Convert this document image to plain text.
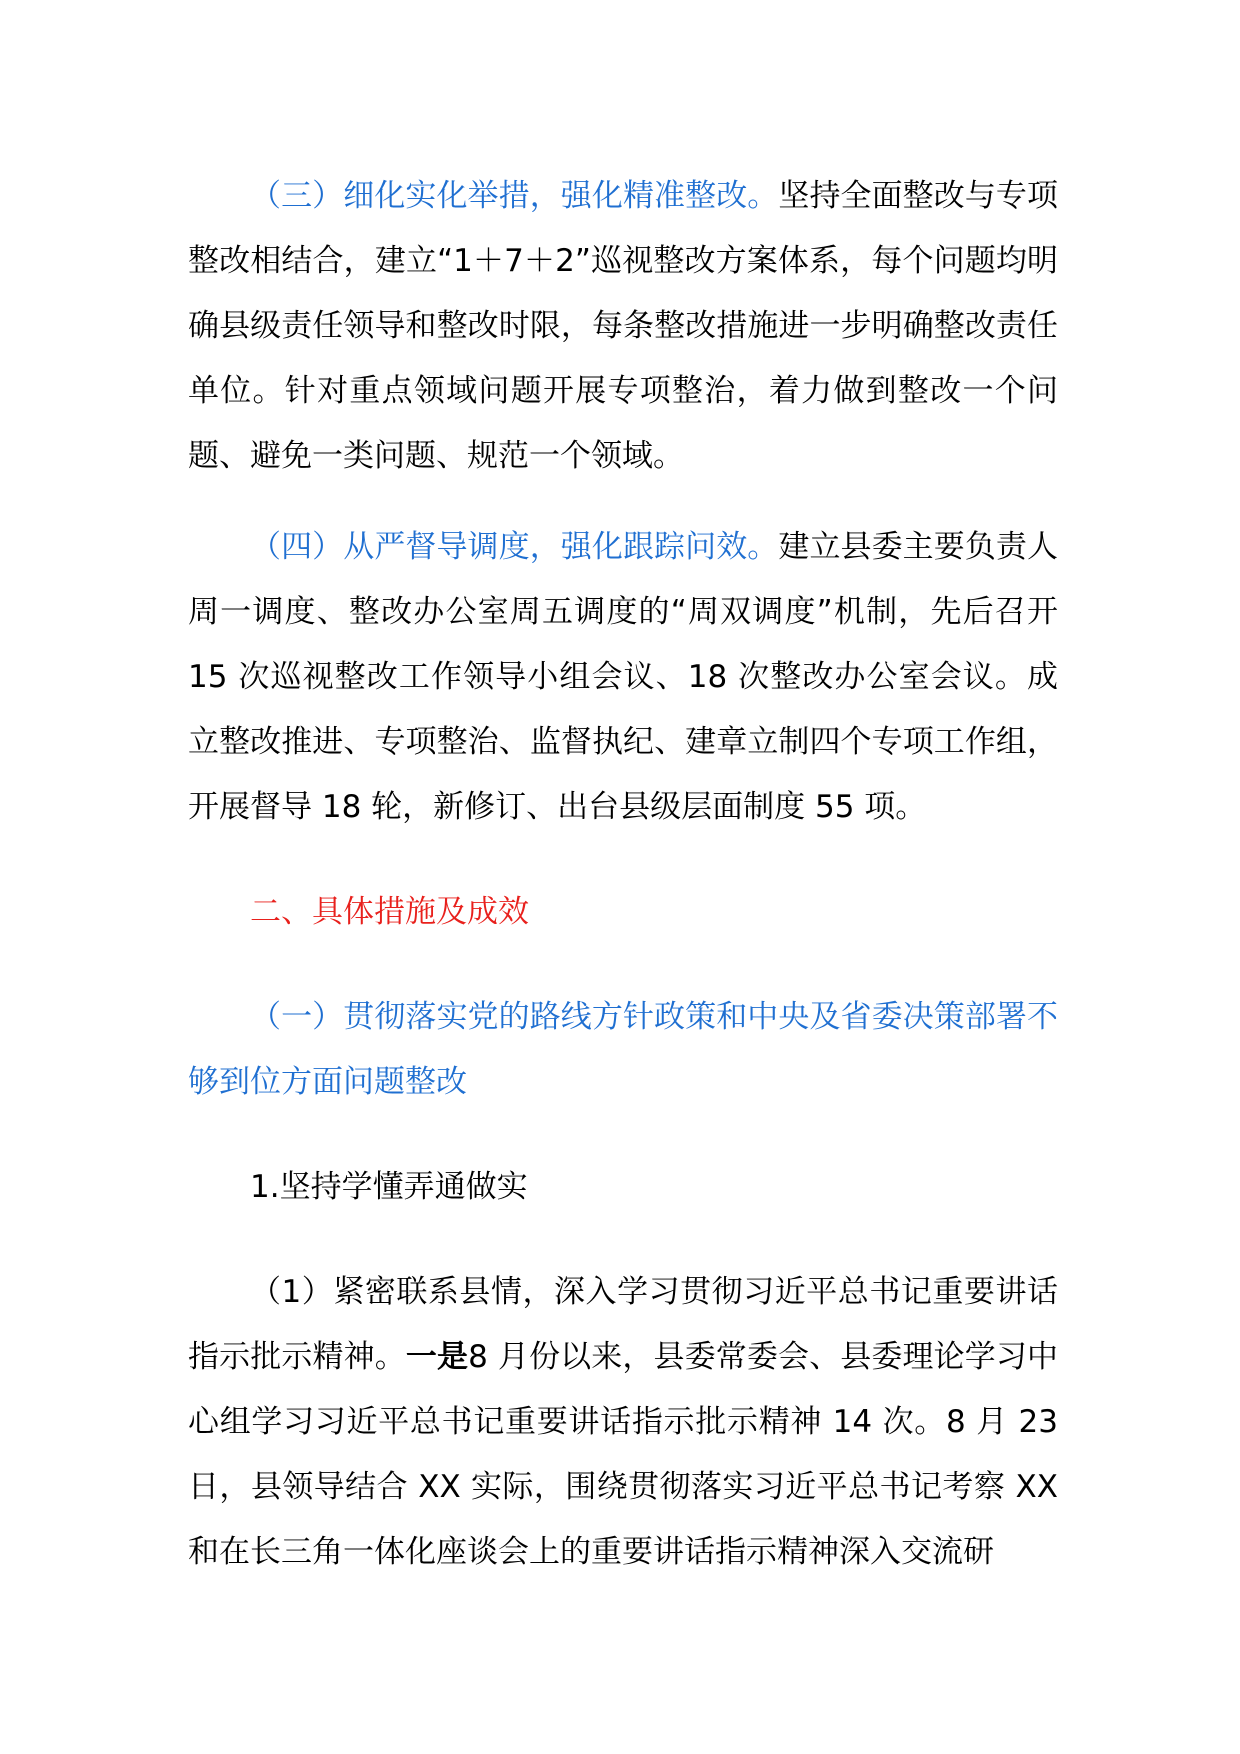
（三）细化实化举措，强化精准整改。坚持全面整改与专项整改相结合，建立“1＋7＋2”巡视整改方案体系，每个问题均明确县级责任领导和整改时限，每条整改措施进一步明确整改责任单位。针对重点领域问题开展专项整治，着力做到整改一个问题、避免一类问题、规范一个领域。

（四）从严督导调度，强化跟踪问效。建立县委主要负责人周一调度、整改办公室周五调度的“周双调度”机制，先后召开 15 次巡视整改工作领导小组会议、18 次整改办公室会议。成立整改推进、专项整治、监督执纪、建章立制四个专项工作组，开展督导 18 轮，新修订、出台县级层面制度 55 项。

二、具体措施及成效

（一）贯彻落实党的路线方针政策和中央及省委决策部署不够到位方面问题整改

1.坚持学懂弄通做实

（1）紧密联系县情，深入学习贯彻习近平总书记重要讲话指示批示精神。一是8 月份以来，县委常委会、县委理论学习中心组学习习近平总书记重要讲话指示批示精神 14 次。8 月 23 日，县领导结合 XX 实际，围绕贯彻落实习近平总书记考察 XX 和在长三角一体化座谈会上的重要讲话指示精神深入交流研
